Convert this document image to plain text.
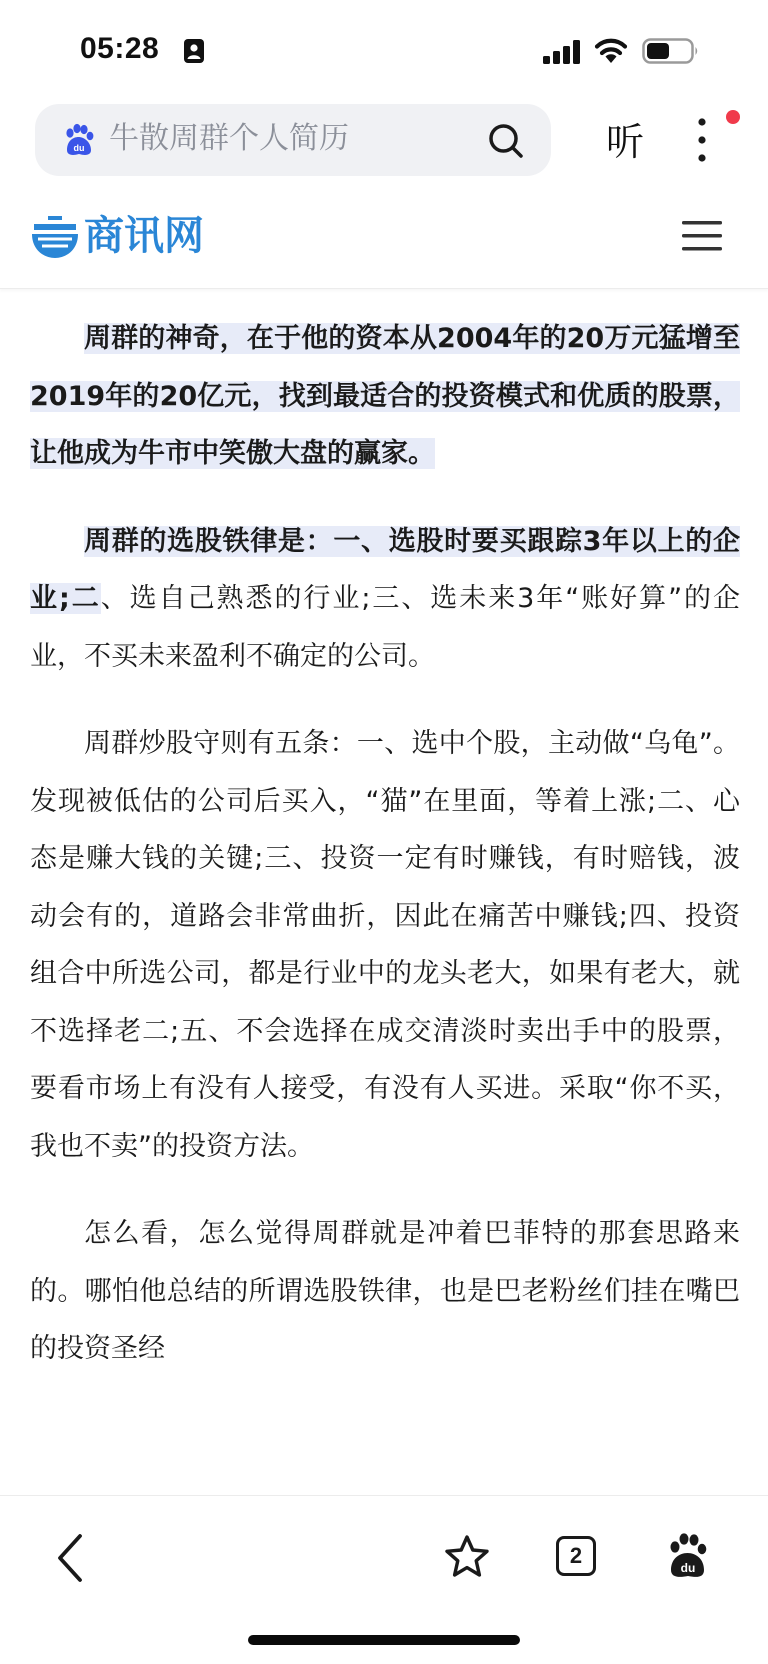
05:28
du 牛散周群个人简历	听
商讯网

周群的神奇，在于他的资本从2004年的20万元猛增至2019年的20亿元，找到最适合的投资模式和优质的股票，让他成为牛市中笑傲大盘的赢家。

周群的选股铁律是：一、选股时要买跟踪3年以上的企业;二、选自己熟悉的行业;三、选未来3年“账好算”的企业，不买未来盈利不确定的公司。

周群炒股守则有五条：一、选中个股，主动做“乌龟”。发现被低估的公司后买入，“猫”在里面，等着上涨;二、心态是赚大钱的关键;三、投资一定有时赚钱，有时赔钱，波动会有的，道路会非常曲折，因此在痛苦中赚钱;四、投资组合中所选公司，都是行业中的龙头老大，如果有老大，就不选择老二;五、不会选择在成交清淡时卖出手中的股票，要看市场上有没有人接受，有没有人买进。采取“你不买，我也不卖”的投资方法。

怎么看，怎么觉得周群就是冲着巴菲特的那套思路来的。哪怕他总结的所谓选股铁律，也是巴老粉丝们挂在嘴巴的投资圣经

2	du
